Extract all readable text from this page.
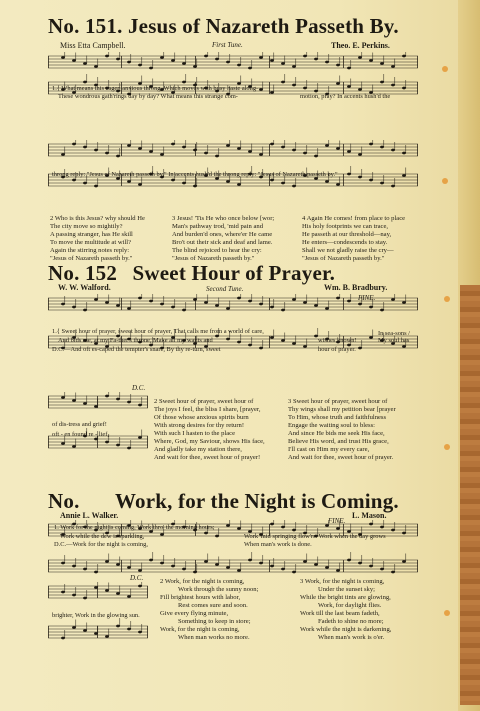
No. 151. Jesus of Nazareth Passeth By.
Miss Etta Campbell.	First Tune.	Theo. E. Perkins.
1.{ What means this eager, anxious throng, Which moves with busy haste along-
These wondrous gath'rings day by day? What means this strange com-	motion, pray? In accents hush'd the
throng reply: "Jesus of Nazareth passeth by." In accents hush'd the throng reply: "Jesus of Nazareth passeth by."
2 Who is this Jesus? why should He
The city move so mightily?
A passing stranger, has He skill
To move the multitude at will?
Again the stirring notes reply:
"Jesus of Nazareth passeth by."
3 Jesus! 'Tis He who once below [wor;
Man's pathway trod, 'mid pain and
And burden'd ones, where'er He came
Bro't out their sick and deaf and lame.
The blind rejoiced to hear the cry:
"Jesus of Nazareth passeth by."
4 Again He comes! from place to place
His holy footprints we can trace,
He passeth at our threshold—nay,
He enters—condescends to stay.
Shall we not gladly raise the cry—
"Jesus of Nazareth passeth by."
No. 152 Sweet Hour of Prayer.
W. W. Walford.	Second Tune.	Wm. B. Bradbury.
FINE.
1.{ Sweet hour of prayer, sweet hour of prayer, That calls me from a world of care,
And bids me, at my Fa-ther's throne, Make all my wants and	wishes known!
D.C.—And oft es-caped the tempter's snare, By thy re-turn, sweet	hour of prayer.
In sea-sons / My soul has
D.C.
of dis-tress and grief!
oft - en found re - lief,
2 Sweet hour of prayer, sweet hour of
The joys I feel, the bliss I share, [prayer,
Of those whose anxious spirits burn
With strong desires for thy return!
With such I hasten to the place
Where, God, my Saviour, shows His face,
And gladly take my station there,
And wait for thee, sweet hour of prayer!
3 Sweet hour of prayer, sweet hour of
Thy wings shall my petition bear [prayer
To Him, whose truth and faithfulness
Engage the waiting soul to bless:
And since He bids me seek His face,
Believe His word, and trust His grace,
I'll cast on Him my every care,
And wait for thee, sweet hour of prayer.
No. Work, for the Night is Coming.
Annie L. Walker.	L. Mason.
FINE.
1. Work for the night is coming, Work thro' the morning hours;
Work while the dew is sparkling,	Work 'mid springing flow'rs. Work when the day grows
D.C.—Work for the night is coming,	When man's work is done.
D.C.
brighter, Work in the glowing sun.
2 Work, for the night is coming,
Work through the sunny noon;
Fill brightest hours with labor,
Rest comes sure and soon.
Give every flying minute,
Something to keep in store;
Work, for the night is coming,
When man works no more.
3 Work, for the night is coming,
Under the sunset sky;
While the bright tints are glowing,
Work, for daylight flies.
Work till the last beam fadeth,
Fadeth to shine no more;
Work while the night is darkening,
When man's work is o'er.
